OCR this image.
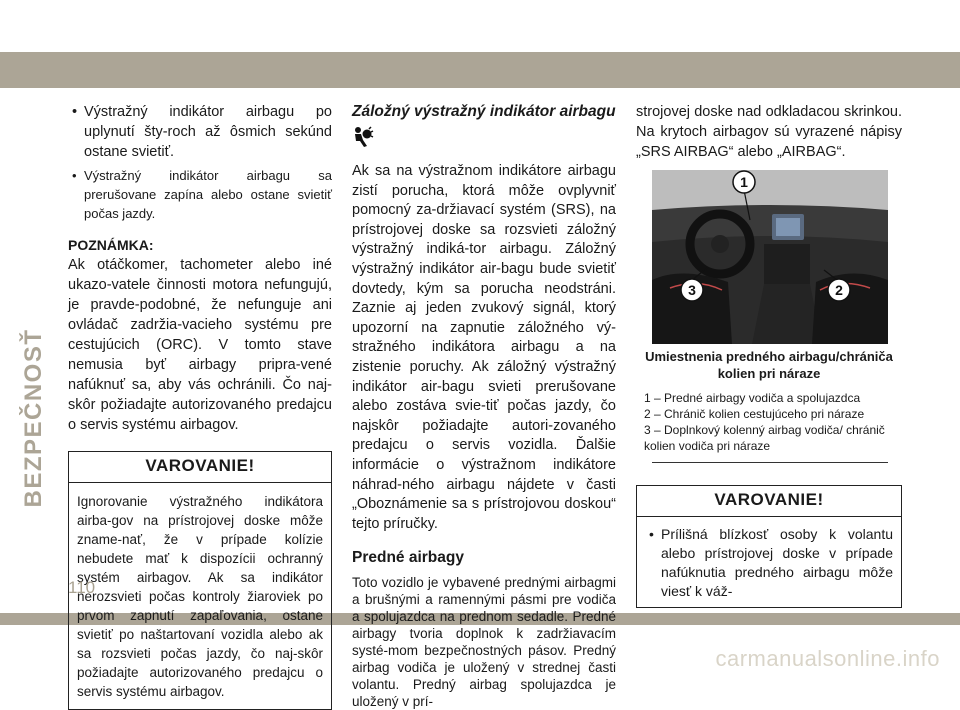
BEZPEČNOSŤ
• Výstražný indikátor airbagu po uplynutí šty-roch až ôsmich sekúnd ostane svietiť.
• Výstražný indikátor airbagu sa prerušovane zapína alebo ostane svietiť počas jazdy.
POZNÁMKA:

Ak otáčkomer, tachometer alebo iné ukazo-vatele činnosti motora nefungujú, je pravde-podobné, že nefunguje ani ovládač zadržia-vacieho systému pre cestujúcich (ORC). V tomto stave nemusia byť airbagy pripra-vené nafúknuť sa, aby vás ochránili. Čo naj-skôr požiadajte autorizovaného predajcu o servis systému airbagov.

VAROVANIE!
Ignorovanie výstražného indikátora airba-gov na prístrojovej doske môže zname-nať, že v prípade kolízie nebudete mať k dispozícii ochranný systém airbagov. Ak sa indikátor nerozsvieti počas kontroly žiaroviek po prvom zapnutí zapaľovania, ostane svietiť po naštartovaní vozidla alebo ak sa rozsvieti počas jazdy, čo naj-skôr požiadajte autorizovaného predajcu o servis systému airbagov.
Záložný výstražný indikátor airbagu

Ak sa na výstražnom indikátore airbagu zistí porucha, ktorá môže ovplyvniť pomocný za-držiavací systém (SRS), na prístrojovej doske sa rozsvieti záložný výstražný indiká-tor airbagu. Záložný výstražný indikátor air-bagu bude svietiť dovtedy, kým sa porucha neodstráni. Zaznie aj jeden zvukový signál, ktorý upozorní na zapnutie záložného vý-stražného indikátora airbagu a na zistenie poruchy. Ak záložný výstražný indikátor air-bagu svieti prerušovane alebo zostáva svie-tiť počas jazdy, čo najskôr požiadajte autori-zovaného predajcu o servis vozidla. Ďalšie informácie o výstražnom indikátore náhrad-ného airbagu nájdete v časti „Oboznámenie sa s prístrojovou doskou“ tejto príručky.

Predné airbagy

Toto vozidlo je vybavené prednými airbagmi a brušnými a ramennými pásmi pre vodiča a spolujazdca na prednom sedadle. Predné airbagy tvoria doplnok k zadržiavacím systé-mom bezpečnostných pásov. Predný airbag vodiča je uložený v strednej časti volantu. Predný airbag spolujazdca je uložený v prí-

strojovej doske nad odkladacou skrinkou. Na krytoch airbagov sú vyrazené nápisy „SRS AIRBAG“ alebo „AIRBAG“.

1
2
3
Umiestnenia predného airbagu/chrániča kolien pri náraze
1 – Predné airbagy vodiča a spolujazdca
2 – Chránič kolien cestujúceho pri náraze
3 – Doplnkový kolenný airbag vodiča/ chránič kolien vodiča pri náraze
VAROVANIE!
• Prílišná blízkosť osoby k volantu alebo prístrojovej doske v prípade nafúknutia predného airbagu môže viesť k váž-
110
carmanualsonline.info
